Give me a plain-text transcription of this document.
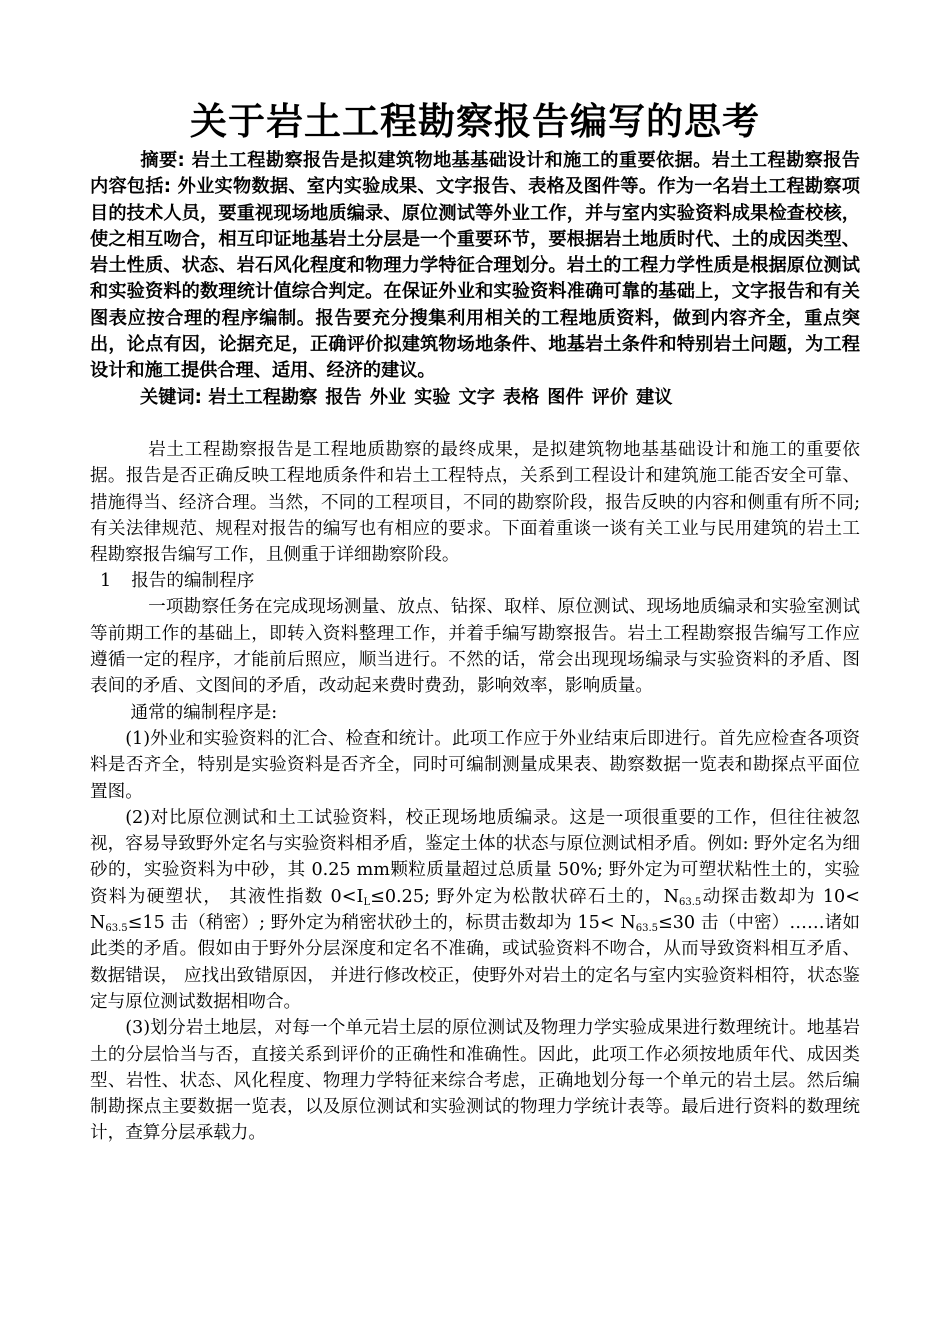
关于岩土工程勘察报告编写的思考

摘要: 岩土工程勘察报告是拟建筑物地基基础设计和施工的重要依据。岩土工程勘察报告内容包括: 外业实物数据、室内实验成果、文字报告、表格及图件等。作为一名岩土工程勘察项目的技术人员，要重视现场地质编录、原位测试等外业工作，并与室内实验资料成果检查校核，使之相互吻合，相互印证地基岩土分层是一个重要环节，要根据岩土地质时代、土的成因类型、岩土性质、状态、岩石风化程度和物理力学特征合理划分。岩土的工程力学性质是根据原位测试和实验资料的数理统计值综合判定。在保证外业和实验资料准确可靠的基础上，文字报告和有关图表应按合理的程序编制。报告要充分搜集利用相关的工程地质资料，做到内容齐全，重点突出，论点有因，论据充足，正确评价拟建筑物场地条件、地基岩土条件和特别岩土问题，为工程设计和施工提供合理、适用、经济的建议。

关键词: 岩土工程勘察 报告 外业 实验 文字 表格 图件 评价 建议

岩土工程勘察报告是工程地质勘察的最终成果，是拟建筑物地基基础设计和施工的重要依据。报告是否正确反映工程地质条件和岩土工程特点，关系到工程设计和建筑施工能否安全可靠、措施得当、经济合理。当然，不同的工程项目，不同的勘察阶段，报告反映的内容和侧重有所不同;有关法律规范、规程对报告的编写也有相应的要求。下面着重谈一谈有关工业与民用建筑的岩土工程勘察报告编写工作，且侧重于详细勘察阶段。

1 报告的编制程序

一项勘察任务在完成现场测量、放点、钻探、取样、原位测试、现场地质编录和实验室测试等前期工作的基础上，即转入资料整理工作，并着手编写勘察报告。岩土工程勘察报告编写工作应遵循一定的程序，才能前后照应，顺当进行。不然的话，常会出现现场编录与实验资料的矛盾、图表间的矛盾、文图间的矛盾，改动起来费时费劲，影响效率，影响质量。

通常的编制程序是:

(1)外业和实验资料的汇合、检查和统计。此项工作应于外业结束后即进行。首先应检查各项资料是否齐全，特别是实验资料是否齐全，同时可编制测量成果表、勘察数据一览表和勘探点平面位置图。

(2)对比原位测试和土工试验资料，校正现场地质编录。这是一项很重要的工作，但往往被忽视，容易导致野外定名与实验资料相矛盾，鉴定土体的状态与原位测试相矛盾。例如: 野外定名为细砂的，实验资料为中砂，其 0.25 mm颗粒质量超过总质量 50%; 野外定为可塑状粘性土的，实验资料为硬塑状， 其液性指数 $0<I_L\le 0.25$; 野外定为松散状碎石土的，$N_{63.5}$动探击数却为 $10< N_{63.5}\le 15$ 击（稍密）; 野外定为稍密状砂土的，标贯击数却为 $15< N_{63.5}\le 30$ 击（中密）……诸如此类的矛盾。假如由于野外分层深度和定名不准确，或试验资料不吻合，从而导致资料相互矛盾、数据错误， 应找出致错原因， 并进行修改校正，使野外对岩土的定名与室内实验资料相符，状态鉴定与原位测试数据相吻合。

(3)划分岩土地层，对每一个单元岩土层的原位测试及物理力学实验成果进行数理统计。地基岩土的分层恰当与否，直接关系到评价的正确性和准确性。因此，此项工作必须按地质年代、成因类型、岩性、状态、风化程度、物理力学特征来综合考虑，正确地划分每一个单元的岩土层。然后编制勘探点主要数据一览表，以及原位测试和实验测试的物理力学统计表等。最后进行资料的数理统计，查算分层承载力。
